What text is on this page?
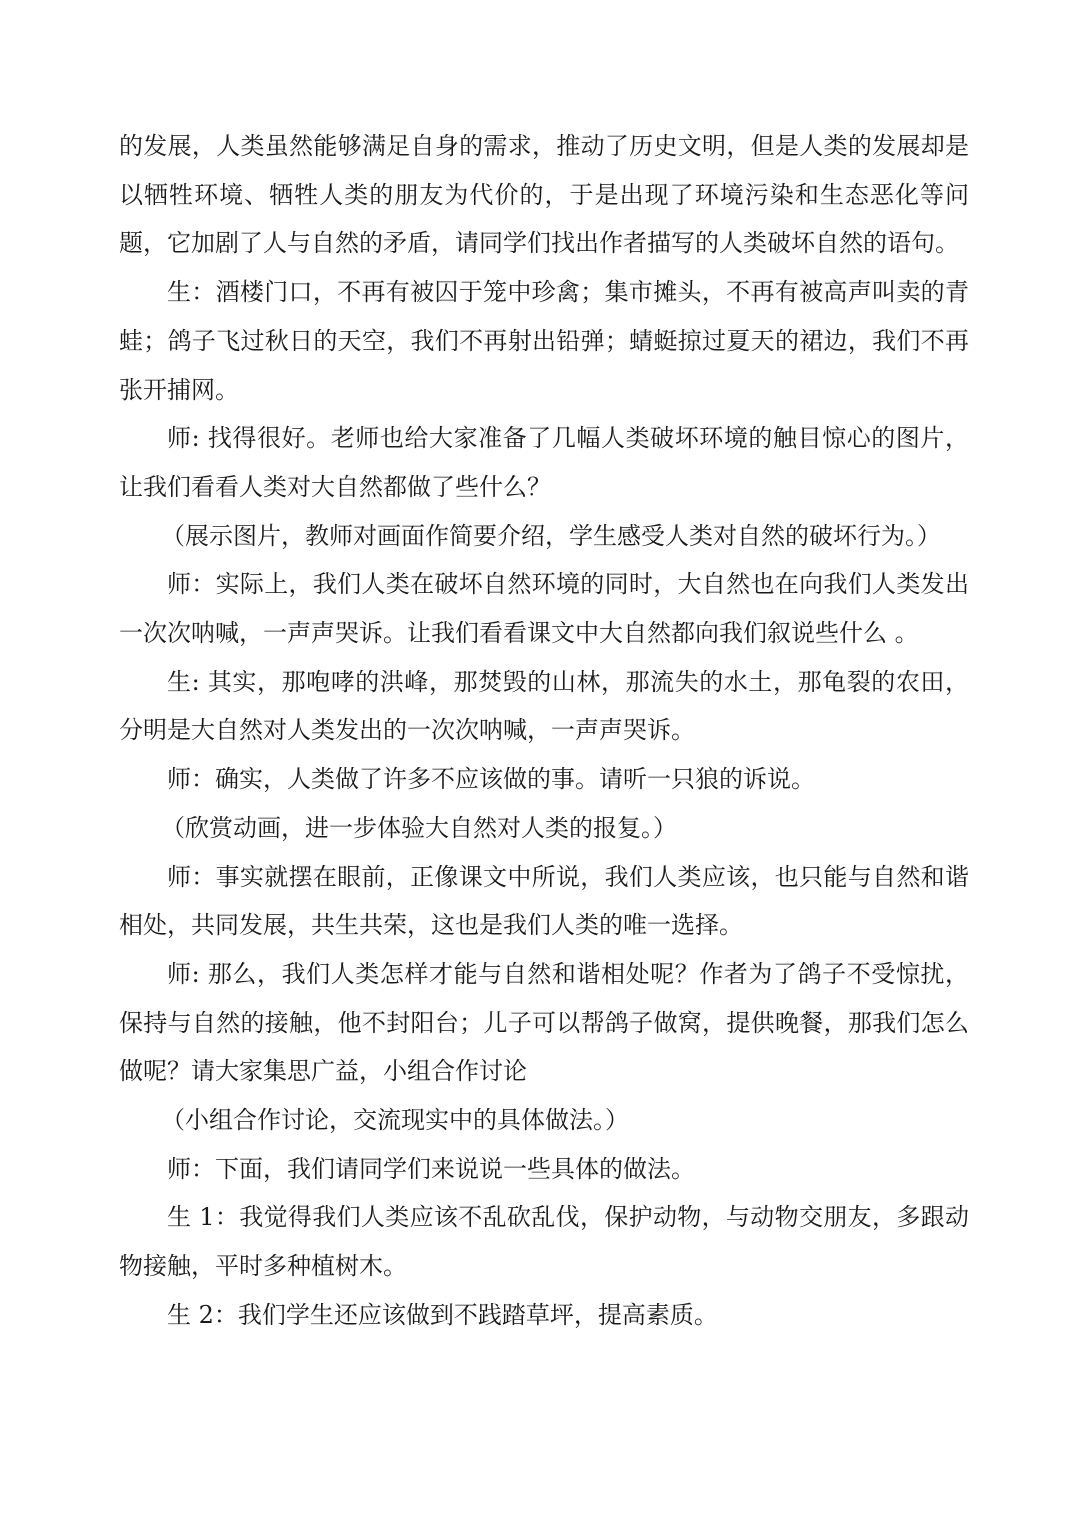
的发展，人类虽然能够满足自身的需求，推动了历史文明，但是人类的发展却是以牺牲环境、牺牲人类的朋友为代价的，于是出现了环境污染和生态恶化等问题，它加剧了人与自然的矛盾，请同学们找出作者描写的人类破坏自然的语句。

生：酒楼门口，不再有被囚于笼中珍禽；集市摊头，不再有被高声叫卖的青蛙；鸽子飞过秋日的天空，我们不再射出铅弹；蜻蜓掠过夏天的裙边，我们不再张开捕网。

师: 找得很好。老师也给大家准备了几幅人类破坏环境的触目惊心的图片，让我们看看人类对大自然都做了些什么？

（展示图片，教师对画面作简要介绍，学生感受人类对自然的破坏行为。）

师：实际上，我们人类在破坏自然环境的同时，大自然也在向我们人类发出一次次呐喊，一声声哭诉。让我们看看课文中大自然都向我们叙说些什么 。

生: 其实，那咆哮的洪峰，那焚毁的山林，那流失的水土，那龟裂的农田，分明是大自然对人类发出的一次次呐喊，一声声哭诉。

师：确实，人类做了许多不应该做的事。请听一只狼的诉说。

（欣赏动画，进一步体验大自然对人类的报复。）

师：事实就摆在眼前，正像课文中所说，我们人类应该，也只能与自然和谐相处，共同发展，共生共荣，这也是我们人类的唯一选择。

师: 那么，我们人类怎样才能与自然和谐相处呢？作者为了鸽子不受惊扰，保持与自然的接触，他不封阳台；儿子可以帮鸽子做窝，提供晚餐，那我们怎么做呢？请大家集思广益，小组合作讨论

（小组合作讨论，交流现实中的具体做法。）

师：下面，我们请同学们来说说一些具体的做法。

生 1：我觉得我们人类应该不乱砍乱伐，保护动物，与动物交朋友，多跟动物接触，平时多种植树木。

生 2：我们学生还应该做到不践踏草坪，提高素质。
